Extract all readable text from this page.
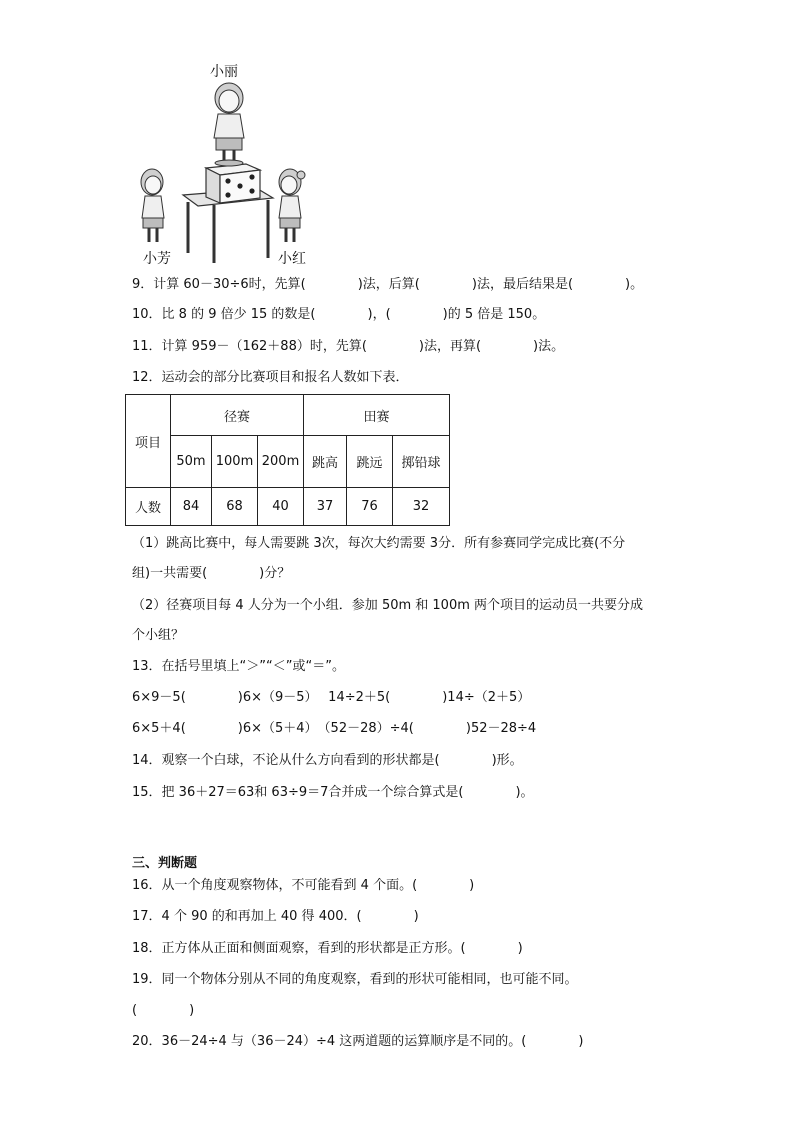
小丽
小芳	小红
9．计算 60－30÷6时，先算(　　　　)法，后算(　　　　)法，最后结果是(　　　　)。
10．比 8 的 9 倍少 15 的数是(　　　　)，(　　　　)的 5 倍是 150。
11．计算 959－（162＋88）时，先算(　　　　)法，再算(　　　　)法。
12．运动会的部分比赛项目和报名人数如下表．
项目	径赛			田赛		
	50m	100m	200m	跳高	跳远	掷铅球
人数	84	68	40	37	76	32
（1）跳高比赛中，每人需要跳 3次，每次大约需要 3分．所有参赛同学完成比赛(不分
组)一共需要(　　　　)分？
（2）径赛项目每 4 人分为一个小组．参加 50m 和 100m 两个项目的运动员一共要分成
个小组？
13．在括号里填上“＞”“＜”或“＝”。
6×9－5(　　　　)6×（9－5）　 14÷2＋5(　　　　)14÷（2＋5）
6×5＋4(　　　　)6×（5＋4）　（52－28）÷4(　　　　)52－28÷4
14．观察一个白球，不论从什么方向看到的形状都是(　　　　)形。
15．把 36＋27＝63和 63÷9＝7合并成一个综合算式是(　　　　)。
三、判断题
16．从一个角度观察物体，不可能看到 4 个面。(　　　　)
17．4 个 90 的和再加上 40 得 400．(　　　　)
18．正方体从正面和侧面观察，看到的形状都是正方形。(　　　　)
19．同一个物体分别从不同的角度观察，看到的形状可能相同，也可能不同。
(　　　　)
20．36－24÷4 与（36－24）÷4 这两道题的运算顺序是不同的。(　　　　)
